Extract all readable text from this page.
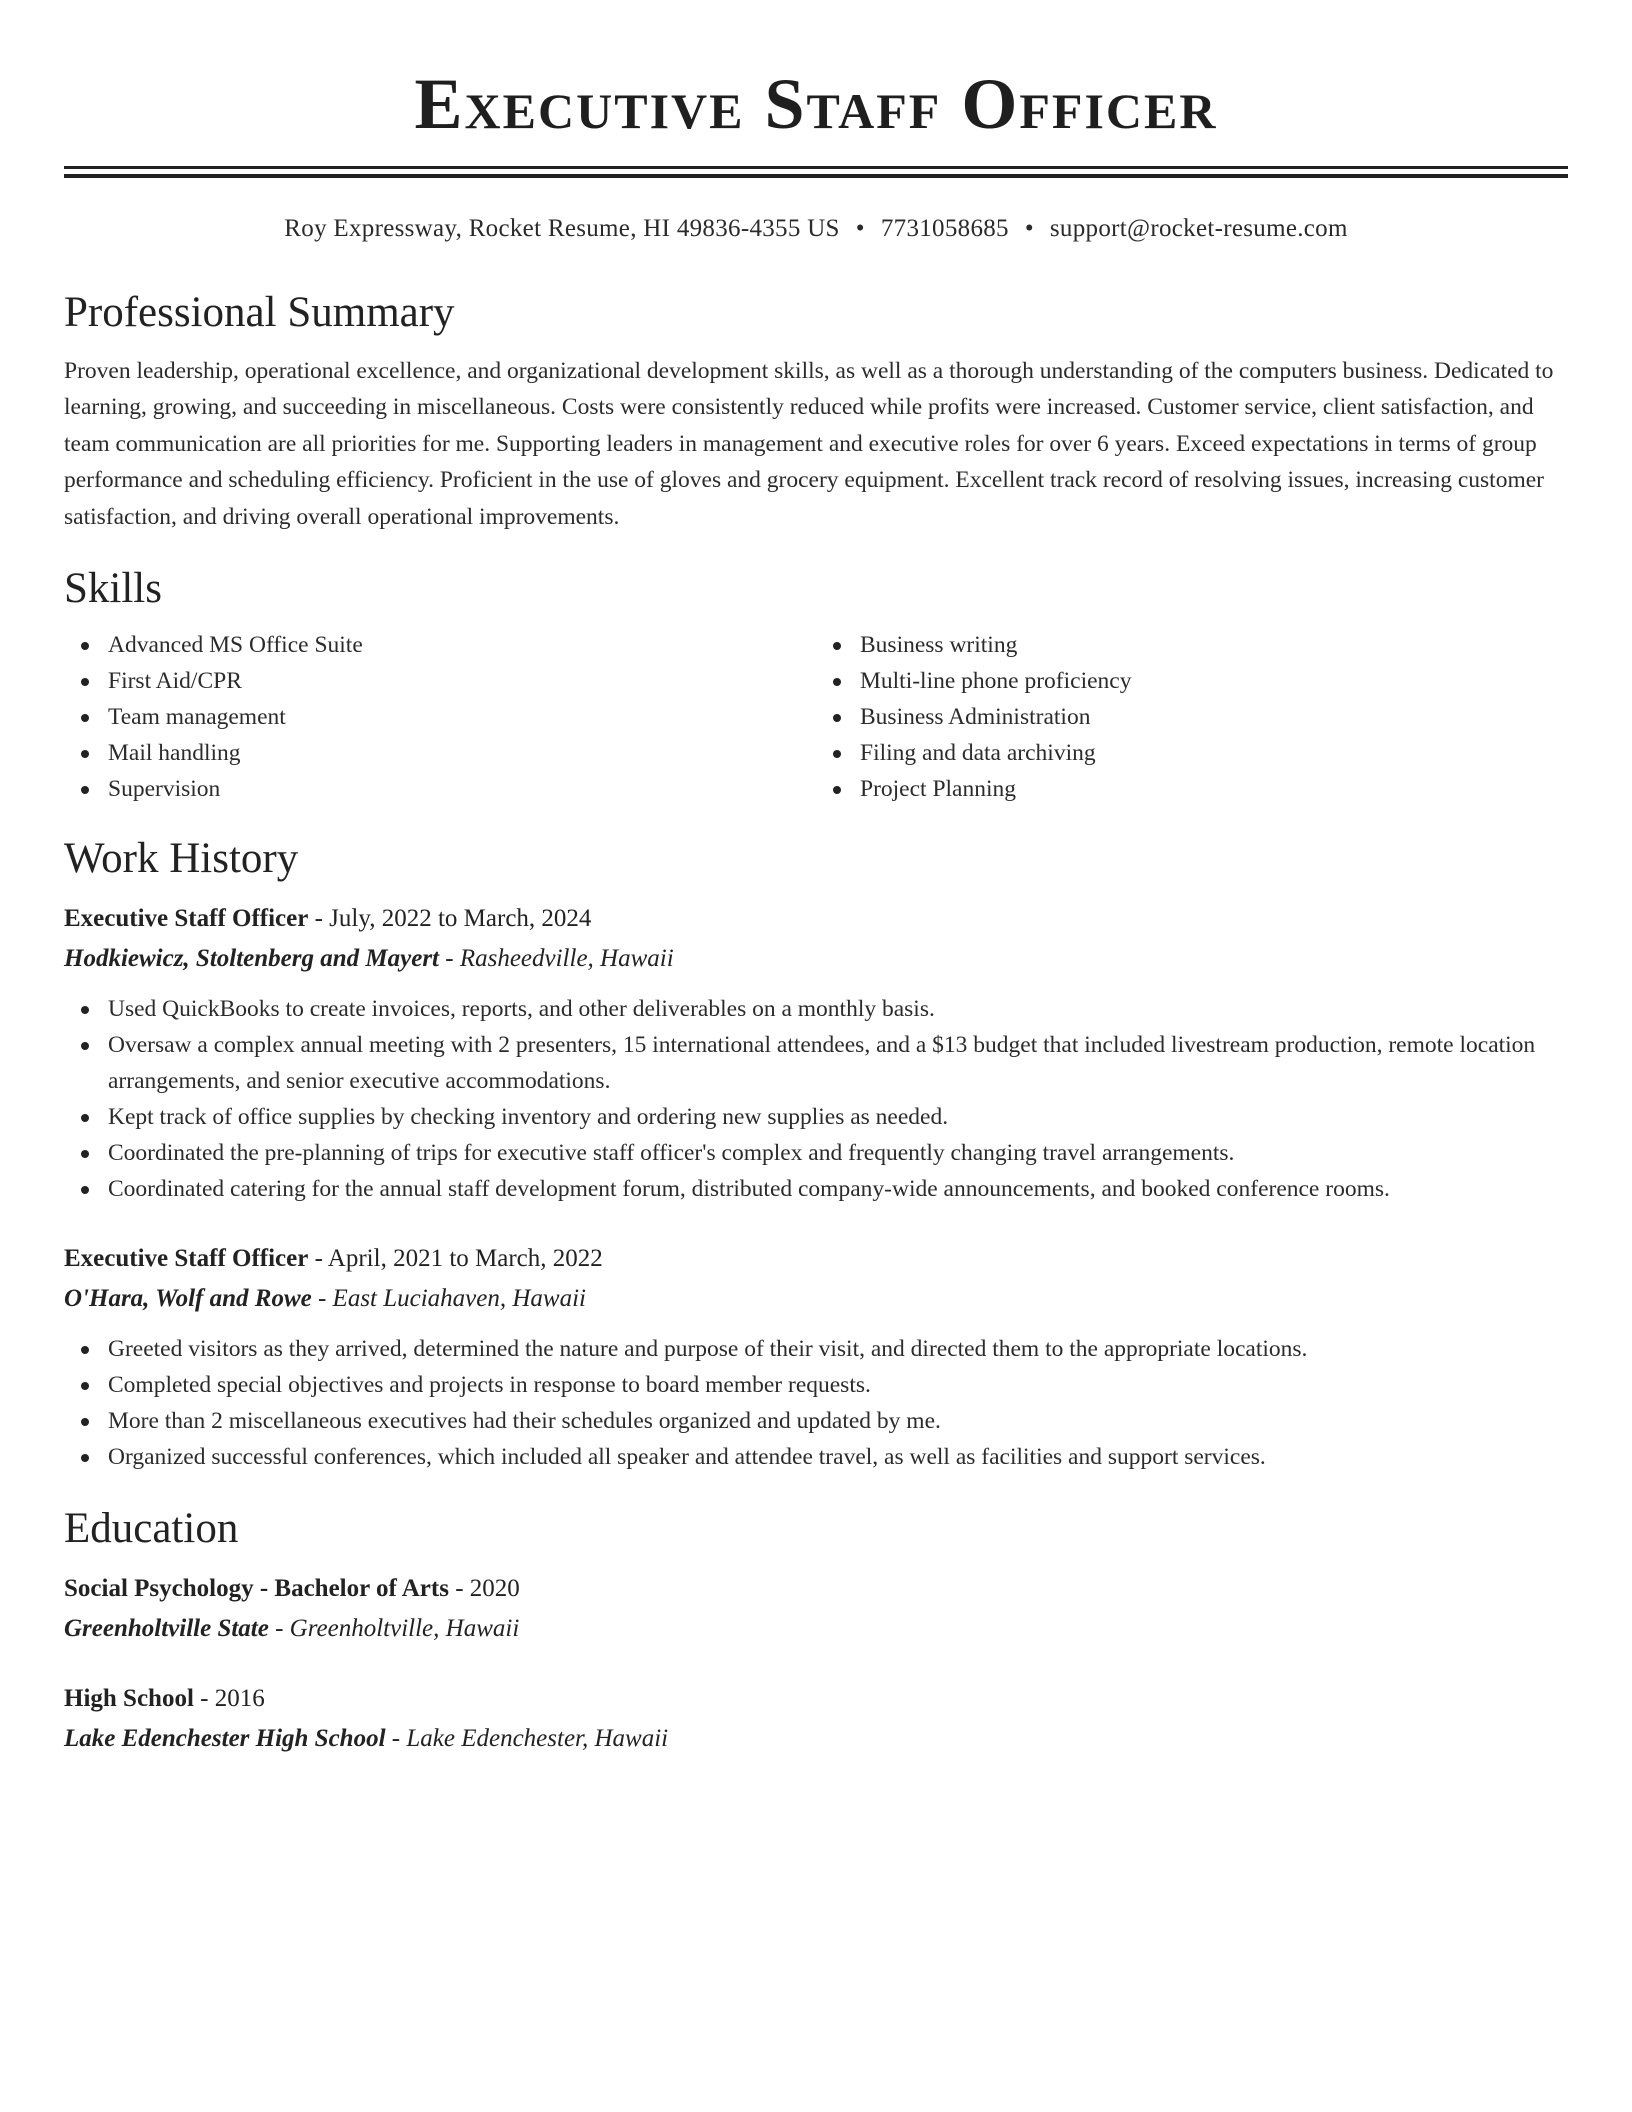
Executive Staff Officer
Roy Expressway, Rocket Resume, HI 49836-4355 US • 7731058685 • support@rocket-resume.com
Professional Summary
Proven leadership, operational excellence, and organizational development skills, as well as a thorough understanding of the computers business. Dedicated to learning, growing, and succeeding in miscellaneous. Costs were consistently reduced while profits were increased. Customer service, client satisfaction, and team communication are all priorities for me. Supporting leaders in management and executive roles for over 6 years. Exceed expectations in terms of group performance and scheduling efficiency. Proficient in the use of gloves and grocery equipment. Excellent track record of resolving issues, increasing customer satisfaction, and driving overall operational improvements.
Skills
Advanced MS Office Suite
First Aid/CPR
Team management
Mail handling
Supervision
Business writing
Multi-line phone proficiency
Business Administration
Filing and data archiving
Project Planning
Work History
Executive Staff Officer - July, 2022 to March, 2024
Hodkiewicz, Stoltenberg and Mayert - Rasheedville, Hawaii
Used QuickBooks to create invoices, reports, and other deliverables on a monthly basis.
Oversaw a complex annual meeting with 2 presenters, 15 international attendees, and a $13 budget that included livestream production, remote location arrangements, and senior executive accommodations.
Kept track of office supplies by checking inventory and ordering new supplies as needed.
Coordinated the pre-planning of trips for executive staff officer's complex and frequently changing travel arrangements.
Coordinated catering for the annual staff development forum, distributed company-wide announcements, and booked conference rooms.
Executive Staff Officer - April, 2021 to March, 2022
O'Hara, Wolf and Rowe - East Luciahaven, Hawaii
Greeted visitors as they arrived, determined the nature and purpose of their visit, and directed them to the appropriate locations.
Completed special objectives and projects in response to board member requests.
More than 2 miscellaneous executives had their schedules organized and updated by me.
Organized successful conferences, which included all speaker and attendee travel, as well as facilities and support services.
Education
Social Psychology - Bachelor of Arts - 2020
Greenholtville State - Greenholtville, Hawaii
High School - 2016
Lake Edenchester High School - Lake Edenchester, Hawaii
